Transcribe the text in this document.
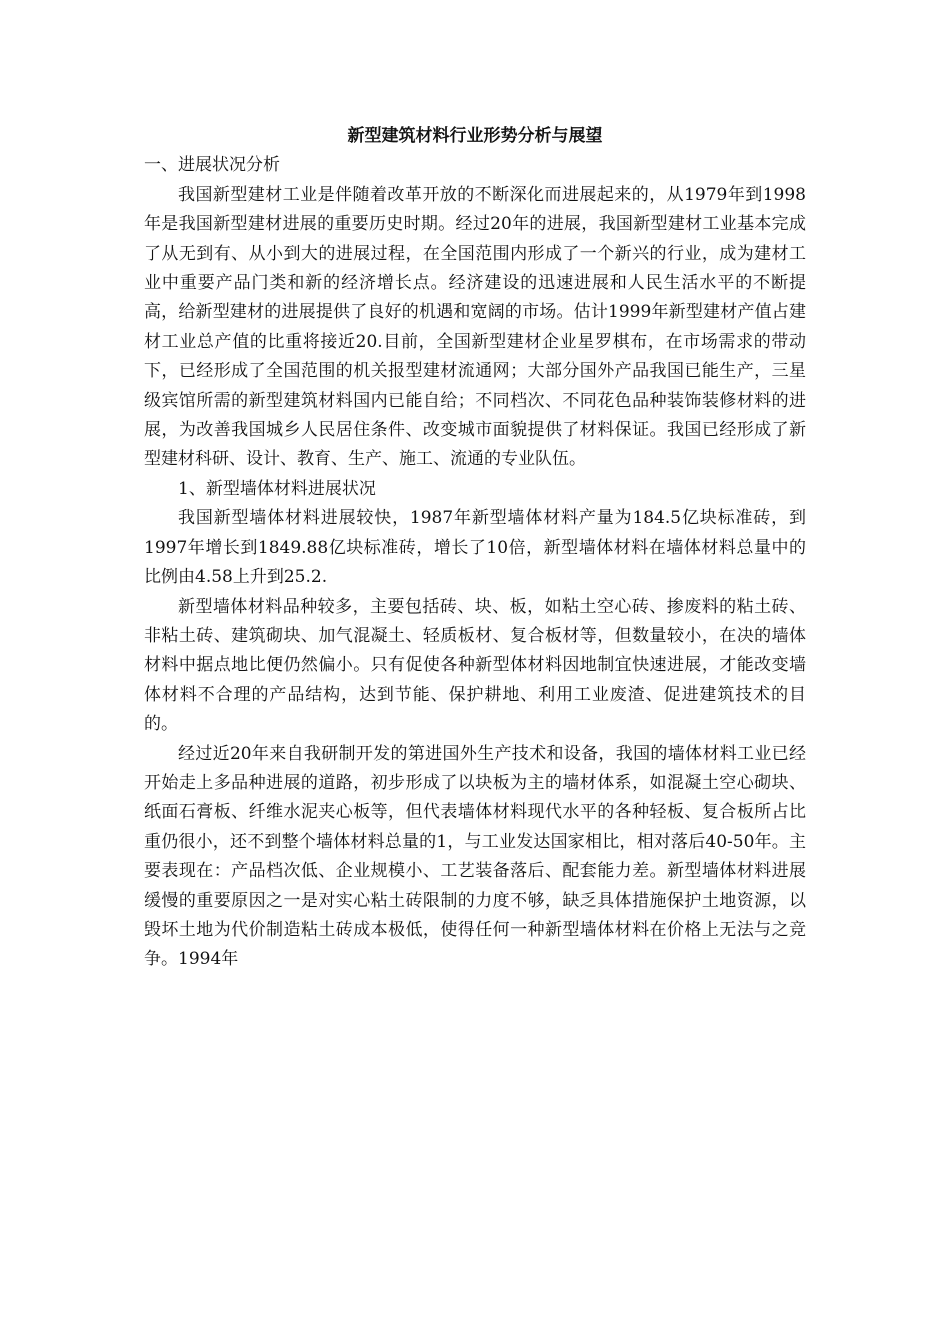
新型建筑材料行业形势分析与展望

一、进展状况分析

我国新型建材工业是伴随着改革开放的不断深化而进展起来的，从1979年到1998年是我国新型建材进展的重要历史时期。经过20年的进展，我国新型建材工业基本完成了从无到有、从小到大的进展过程，在全国范围内形成了一个新兴的行业，成为建材工业中重要产品门类和新的经济增长点。经济建设的迅速进展和人民生活水平的不断提高，给新型建材的进展提供了良好的机遇和宽阔的市场。估计1999年新型建材产值占建材工业总产值的比重将接近20.目前，全国新型建材企业星罗棋布，在市场需求的带动下，已经形成了全国范围的机关报型建材流通网；大部分国外产品我国已能生产，三星级宾馆所需的新型建筑材料国内已能自给；不同档次、不同花色品种装饰装修材料的进展，为改善我国城乡人民居住条件、改变城市面貌提供了材料保证。我国已经形成了新型建材科研、设计、教育、生产、施工、流通的专业队伍。

1、新型墙体材料进展状况

我国新型墙体材料进展较快，1987年新型墙体材料产量为184.5亿块标准砖，到1997年增长到1849.88亿块标准砖，增长了10倍，新型墙体材料在墙体材料总量中的比例由4.58上升到25.2.

新型墙体材料品种较多，主要包括砖、块、板，如粘土空心砖、掺废料的粘土砖、非粘土砖、建筑砌块、加气混凝土、轻质板材、复合板材等，但数量较小，在决的墙体材料中据点地比便仍然偏小。只有促使各种新型体材料因地制宜快速进展，才能改变墙体材料不合理的产品结构，达到节能、保护耕地、利用工业废渣、促进建筑技术的目的。

经过近20年来自我研制开发的第进国外生产技术和设备，我国的墙体材料工业已经开始走上多品种进展的道路，初步形成了以块板为主的墙材体系，如混凝土空心砌块、纸面石膏板、纤维水泥夹心板等，但代表墙体材料现代水平的各种轻板、复合板所占比重仍很小，还不到整个墙体材料总量的1，与工业发达国家相比，相对落后40-50年。主要表现在：产品档次低、企业规模小、工艺装备落后、配套能力差。新型墙体材料进展缓慢的重要原因之一是对实心粘土砖限制的力度不够，缺乏具体措施保护土地资源，以毁坏土地为代价制造粘土砖成本极低，使得任何一种新型墙体材料在价格上无法与之竞争。1994年
